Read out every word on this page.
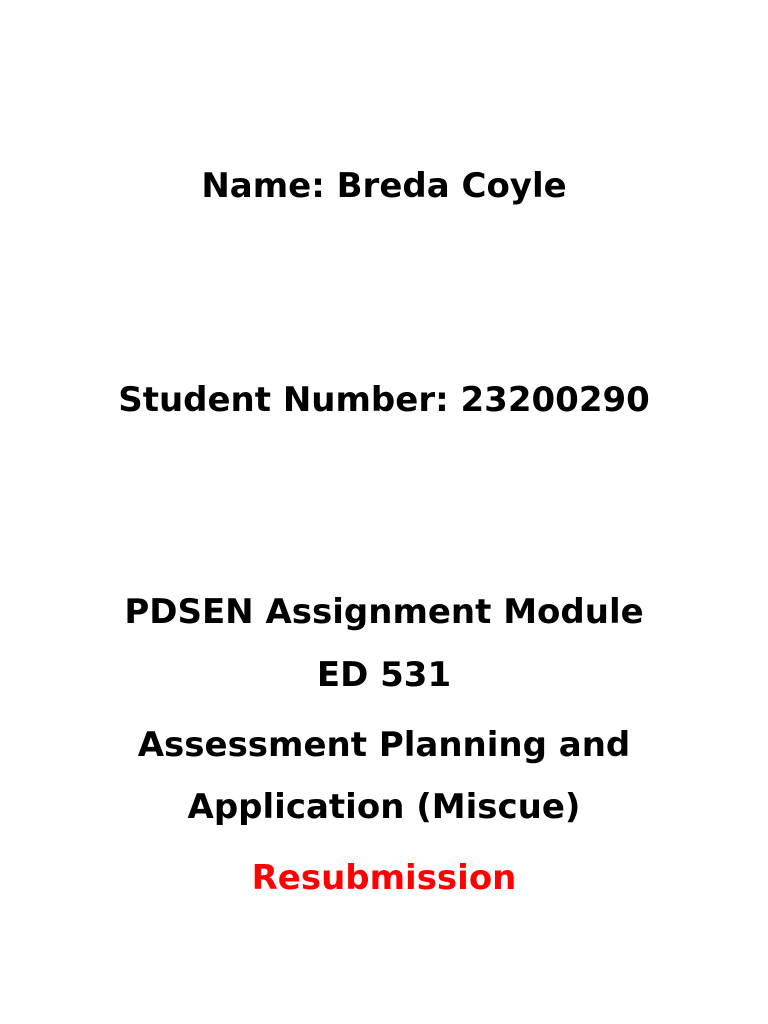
Name: Breda Coyle
Student Number: 23200290
PDSEN Assignment Module
ED 531
Assessment Planning and
Application (Miscue)
Resubmission
